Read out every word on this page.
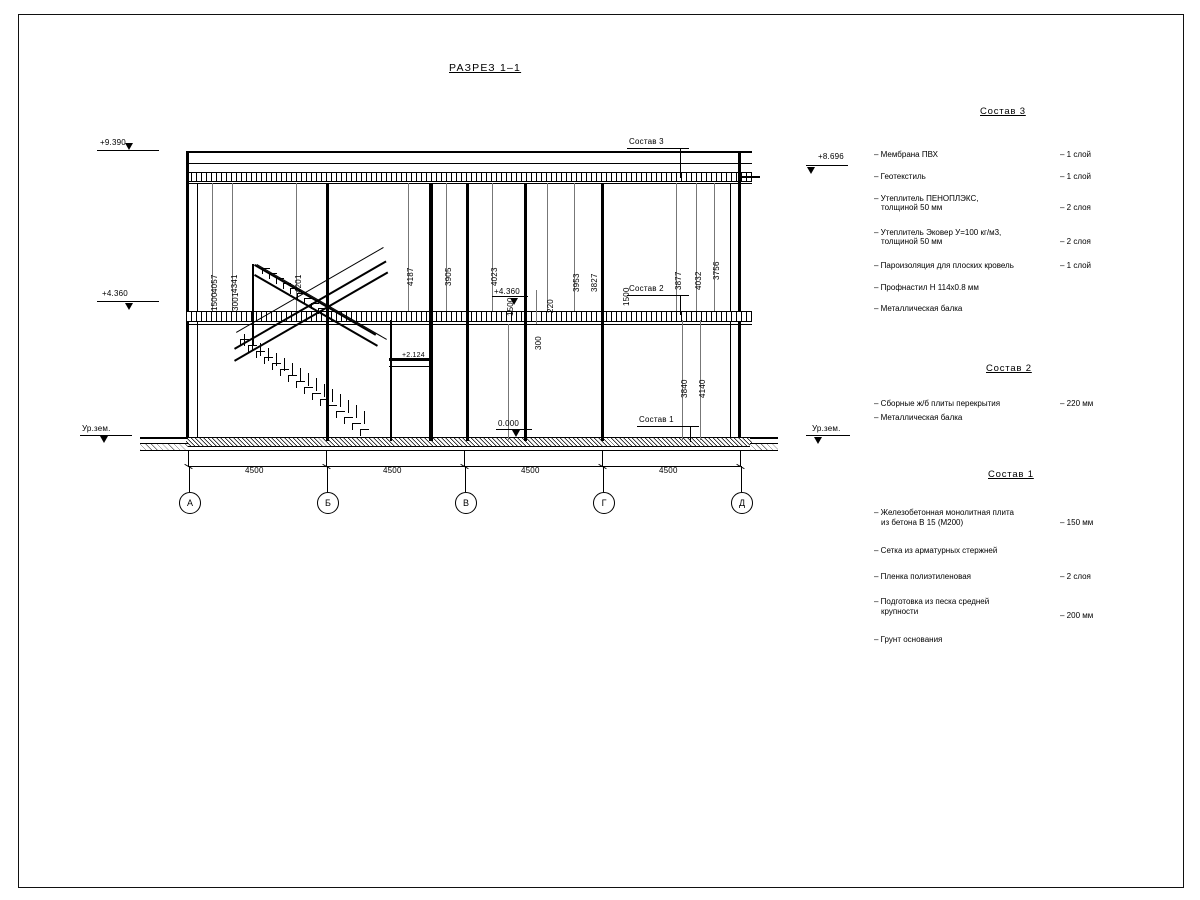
РАЗРЕЗ 1–1
Состав 3
Состав 2
Состав 1
+9.390
+8.696
+4.360	+4.360
0.000
+2.124
Ур.зем.	Ур.зем.
4057 4341
1500 3001
4201	4187	3905	4023
220
300
3953 3827	3877 4032
3756
3840 4140
1500
1500
4500	4500	4500	4500
А	Б	В	Г	Д
Состав 3
– Мембрана ПВХ	– 1 слой
– Геотекстиль	– 1 слой
– Утеплитель ПЕНОПЛЭКС,
толщиной 50 мм	– 2 слоя
– Утеплитель Эковер У=100 кг/м3,
толщиной 50 мм	– 2 слоя
– Пароизоляция для плоских кровель	– 1 слой
– Профнастил Н 114х0.8 мм
– Металлическая балка
Состав 2
– Сборные ж/б плиты перекрытия	– 220 мм
– Металлическая балка
Состав 1
– Железобетонная монолитная плита
из бетона В 15 (М200)	– 150 мм
– Сетка из арматурных стержней
– Пленка полиэтиленовая	– 2 слоя
– Подготовка из песка средней
крупности	– 200 мм
– Грунт основания
